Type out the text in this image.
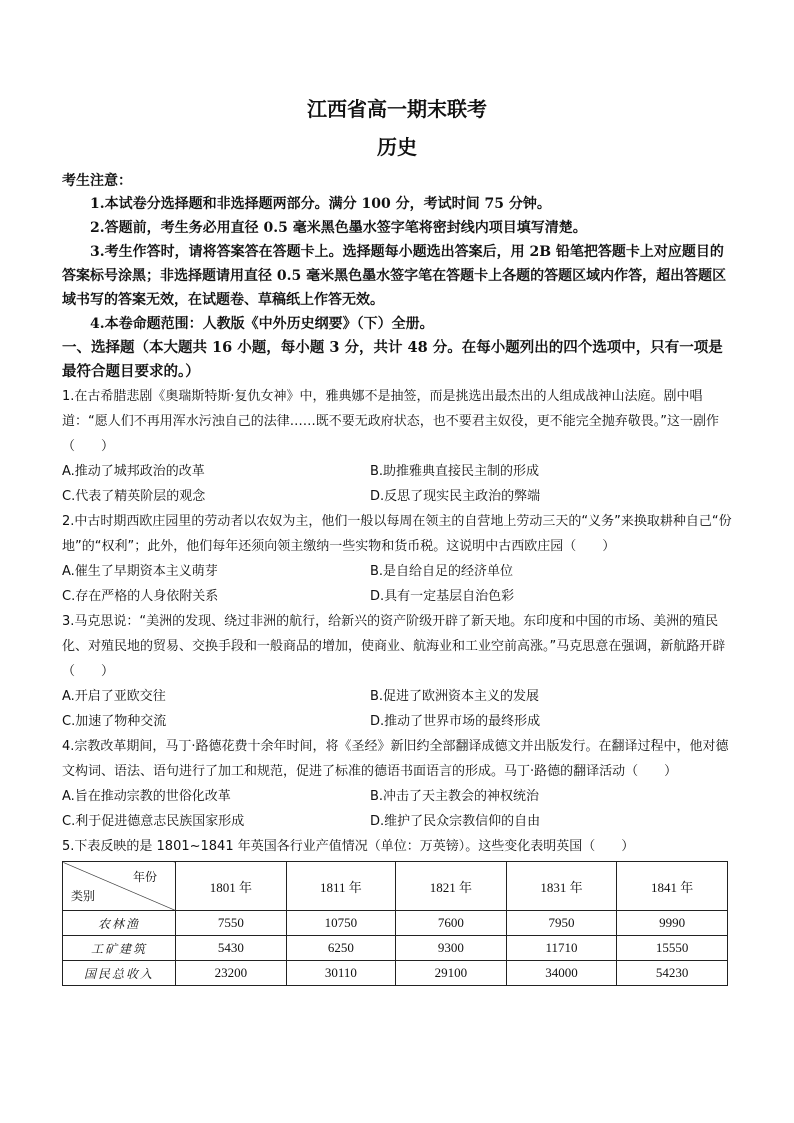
江西省高一期末联考

历史

考生注意：
1.本试卷分选择题和非选择题两部分。满分 100 分，考试时间 75 分钟。
2.答题前，考生务必用直径 0.5 毫米黑色墨水签字笔将密封线内项目填写清楚。
3.考生作答时，请将答案答在答题卡上。选择题每小题选出答案后，用 2B 铅笔把答题卡上对应题目的答案标号涂黑；非选择题请用直径 0.5 毫米黑色墨水签字笔在答题卡上各题的答题区域内作答，超出答题区域书写的答案无效，在试题卷、草稿纸上作答无效。
4.本卷命题范围：人教版《中外历史纲要》（下）全册。
一、选择题（本大题共 16 小题，每小题 3 分，共计 48 分。在每小题列出的四个选项中，只有一项是最符合题目要求的。）
1.在古希腊悲剧《奥瑞斯特斯·复仇女神》中，雅典娜不是抽签，而是挑选出最杰出的人组成战神山法庭。剧中唱道：“愿人们不再用浑水污浊自己的法律……既不要无政府状态，也不要君主奴役，更不能完全抛弃敬畏。”这一剧作（　　）
A.推动了城邦政治的改革	B.助推雅典直接民主制的形成
C.代表了精英阶层的观念	D.反思了现实民主政治的弊端
2.中古时期西欧庄园里的劳动者以农奴为主，他们一般以每周在领主的自营地上劳动三天的“义务”来换取耕种自己“份地”的“权利”；此外，他们每年还须向领主缴纳一些实物和货币税。这说明中古西欧庄园（　　）
A.催生了早期资本主义萌芽	B.是自给自足的经济单位
C.存在严格的人身依附关系	D.具有一定基层自治色彩
3.马克思说：“美洲的发现、绕过非洲的航行，给新兴的资产阶级开辟了新天地。东印度和中国的市场、美洲的殖民化、对殖民地的贸易、交换手段和一般商品的增加，使商业、航海业和工业空前高涨。”马克思意在强调，新航路开辟（　　）
A.开启了亚欧交往	B.促进了欧洲资本主义的发展
C.加速了物种交流	D.推动了世界市场的最终形成
4.宗教改革期间，马丁·路德花费十余年时间，将《圣经》新旧约全部翻译成德文并出版发行。在翻译过程中，他对德文构词、语法、语句进行了加工和规范，促进了标准的德语书面语言的形成。马丁·路德的翻译活动（　　）
A.旨在推动宗教的世俗化改革	B.冲击了天主教会的神权统治
C.利于促进德意志民族国家形成	D.维护了民众宗教信仰的自由
5.下表反映的是 1801~1841 年英国各行业产值情况（单位：万英镑）。这些变化表明英国（　　）
年份
类别	1801 年	1811 年	1821 年	1831 年	1841 年
农林渔	7550	10750	7600	7950	9990
工矿建筑	5430	6250	9300	11710	15550
国民总收入	23200	30110	29100	34000	54230
